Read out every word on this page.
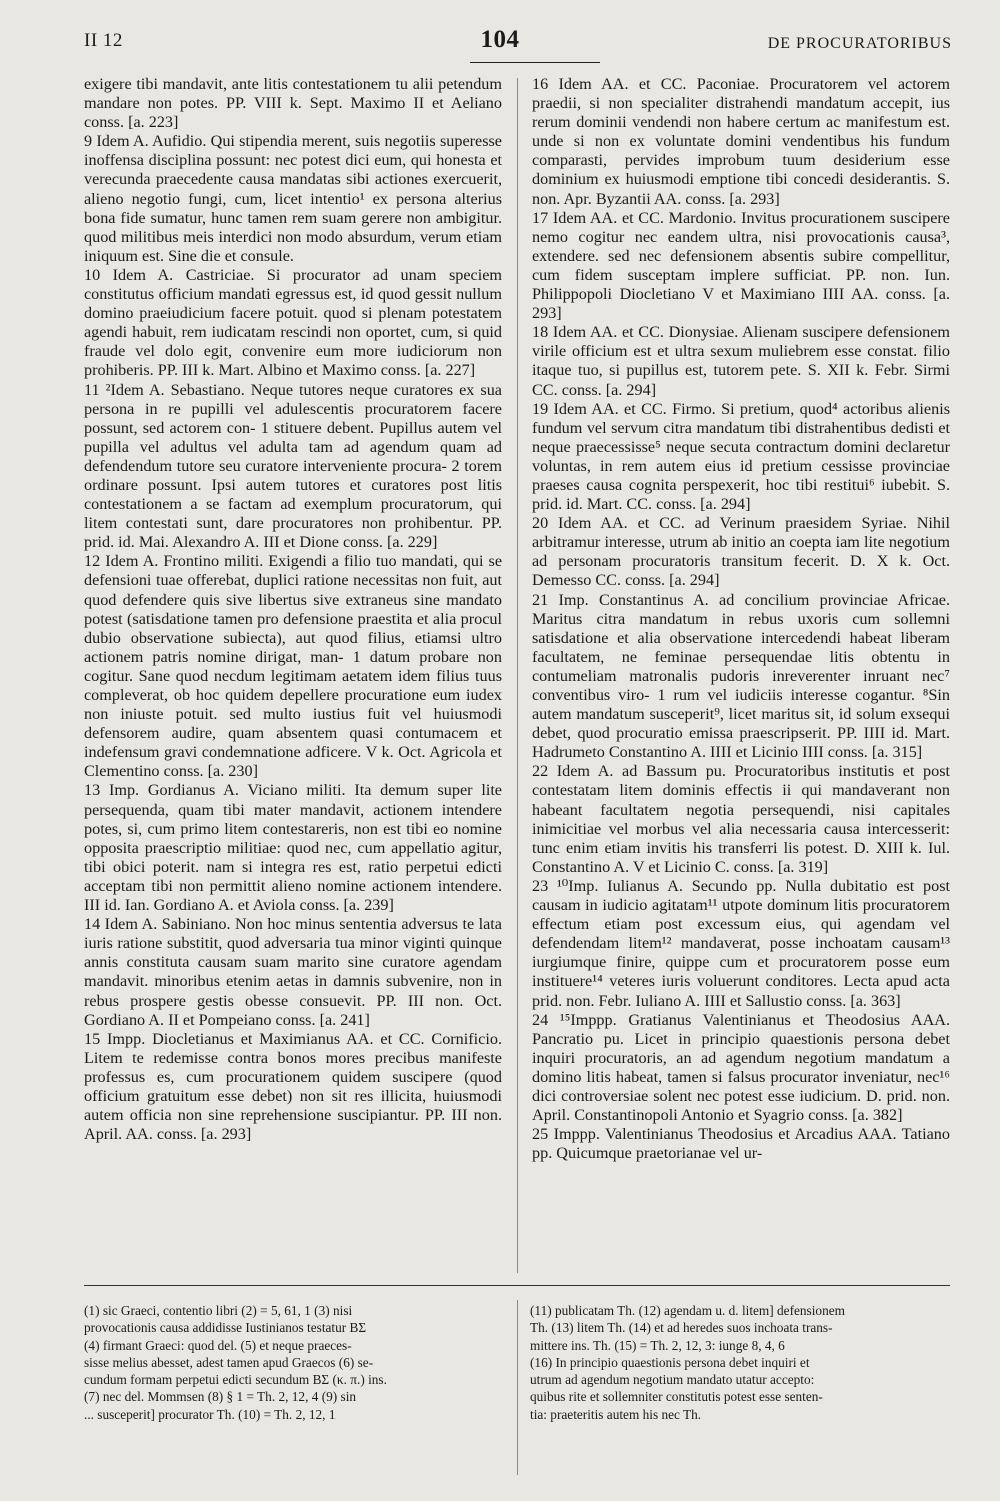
II 12	104	DE PROCURATORIBUS

exigere tibi mandavit, ante litis contestationem tu alii petendum mandare non potes. PP. VIII k. Sept. Maximo II et Aeliano conss. [a. 223]

9 Idem A. Aufidio. Qui stipendia merent, suis negotiis superesse inoffensa disciplina possunt: nec potest dici eum, qui honesta et verecunda praecedente causa mandatas sibi actiones exercuerit, alieno negotio fungi, cum, licet intentio¹ ex persona alterius bona fide sumatur, hunc tamen rem suam gerere non ambigitur. quod militibus meis interdici non modo absurdum, verum etiam iniquum est. Sine die et consule.

10 Idem A. Castriciae. Si procurator ad unam speciem constitutus officium mandati egressus est, id quod gessit nullum domino praeiudicium facere potuit. quod si plenam potestatem agendi habuit, rem iudicatam rescindi non oportet, cum, si quid fraude vel dolo egit, convenire eum more iudiciorum non prohiberis. PP. III k. Mart. Albino et Maximo conss. [a. 227]

11 ²Idem A. Sebastiano. Neque tutores neque curatores ex sua persona in re pupilli vel adulescentis procuratorem facere possunt, sed actorem con- 1 stituere debent. Pupillus autem vel pupilla vel adultus vel adulta tam ad agendum quam ad defendendum tutore seu curatore interveniente procura- 2 torem ordinare possunt. Ipsi autem tutores et curatores post litis contestationem a se factam ad exemplum procuratorum, qui litem contestati sunt, dare procuratores non prohibentur. PP. prid. id. Mai. Alexandro A. III et Dione conss. [a. 229]

12 Idem A. Frontino militi. Exigendi a filio tuo mandati, qui se defensioni tuae offerebat, duplici ratione necessitas non fuit, aut quod defendere quis sive libertus sive extraneus sine mandato potest (satisdatione tamen pro defensione praestita et alia procul dubio observatione subiecta), aut quod filius, etiamsi ultro actionem patris nomine dirigat, man- 1 datum probare non cogitur. Sane quod necdum legitimam aetatem idem filius tuus compleverat, ob hoc quidem depellere procuratione eum iudex non iniuste potuit. sed multo iustius fuit vel huiusmodi defensorem audire, quam absentem quasi contumacem et indefensum gravi condemnatione adficere. V k. Oct. Agricola et Clementino conss. [a. 230]

13 Imp. Gordianus A. Viciano militi. Ita demum super lite persequenda, quam tibi mater mandavit, actionem intendere potes, si, cum primo litem contestareris, non est tibi eo nomine opposita praescriptio militiae: quod nec, cum appellatio agitur, tibi obici poterit. nam si integra res est, ratio perpetui edicti acceptam tibi non permittit alieno nomine actionem intendere. III id. Ian. Gordiano A. et Aviola conss. [a. 239]

14 Idem A. Sabiniano. Non hoc minus sententia adversus te lata iuris ratione substitit, quod adversaria tua minor viginti quinque annis constituta causam suam marito sine curatore agendam mandavit. minoribus etenim aetas in damnis subvenire, non in rebus prospere gestis obesse consuevit. PP. III non. Oct. Gordiano A. II et Pompeiano conss. [a. 241]

15 Impp. Diocletianus et Maximianus AA. et CC. Cornificio. Litem te redemisse contra bonos mores precibus manifeste professus es, cum procurationem quidem suscipere (quod officium gratuitum esse debet) non sit res illicita, huiusmodi autem officia non sine reprehensione suscipiantur. PP. III non. April. AA. conss. [a. 293]

16 Idem AA. et CC. Paconiae. Procuratorem vel actorem praedii, si non specialiter distrahendi mandatum accepit, ius rerum dominii vendendi non habere certum ac manifestum est. unde si non ex voluntate domini vendentibus his fundum comparasti, pervides improbum tuum desiderium esse dominium ex huiusmodi emptione tibi concedi desiderantis. S. non. Apr. Byzantii AA. conss. [a. 293]

17 Idem AA. et CC. Mardonio. Invitus procurationem suscipere nemo cogitur nec eandem ultra, nisi provocationis causa³, extendere. sed nec defensionem absentis subire compellitur, cum fidem susceptam implere sufficiat. PP. non. Iun. Philippopoli Diocletiano V et Maximiano IIII AA. conss. [a. 293]

18 Idem AA. et CC. Dionysiae. Alienam suscipere defensionem virile officium est et ultra sexum muliebrem esse constat. filio itaque tuo, si pupillus est, tutorem pete. S. XII k. Febr. Sirmi CC. conss. [a. 294]

19 Idem AA. et CC. Firmo. Si pretium, quod⁴ actoribus alienis fundum vel servum citra mandatum tibi distrahentibus dedisti et neque praecessisse⁵ neque secuta contractum domini declaretur voluntas, in rem autem eius id pretium cessisse provinciae praeses causa cognita perspexerit, hoc tibi restitui⁶ iubebit. S. prid. id. Mart. CC. conss. [a. 294]

20 Idem AA. et CC. ad Verinum praesidem Syriae. Nihil arbitramur interesse, utrum ab initio an coepta iam lite negotium ad personam procuratoris transitum fecerit. D. X k. Oct. Demesso CC. conss. [a. 294]

21 Imp. Constantinus A. ad concilium provinciae Africae. Maritus citra mandatum in rebus uxoris cum sollemni satisdatione et alia observatione intercedendi habeat liberam facultatem, ne feminae persequendae litis obtentu in contumeliam matronalis pudoris inreverenter inruant nec⁷ conventibus viro- 1 rum vel iudiciis interesse cogantur. ⁸Sin autem mandatum susceperit⁹, licet maritus sit, id solum exsequi debet, quod procuratio emissa praescripserit. PP. IIII id. Mart. Hadrumeto Constantino A. IIII et Licinio IIII conss. [a. 315]

22 Idem A. ad Bassum pu. Procuratoribus institutis et post contestatam litem dominis effectis ii qui mandaverant non habeant facultatem negotia persequendi, nisi capitales inimicitiae vel morbus vel alia necessaria causa intercesserit: tunc enim etiam invitis his transferri lis potest. D. XIII k. Iul. Constantino A. V et Licinio C. conss. [a. 319]

23 ¹⁰Imp. Iulianus A. Secundo pp. Nulla dubitatio est post causam in iudicio agitatam¹¹ utpote dominum litis procuratorem effectum etiam post excessum eius, qui agendam vel defendendam litem¹² mandaverat, posse inchoatam causam¹³ iurgiumque finire, quippe cum et procuratorem posse eum instituere¹⁴ veteres iuris voluerunt conditores. Lecta apud acta prid. non. Febr. Iuliano A. IIII et Sallustio conss. [a. 363]

24 ¹⁵Imppp. Gratianus Valentinianus et Theodosius AAA. Pancratio pu. Licet in principio quaestionis persona debet inquiri procuratoris, an ad agendum negotium mandatum a domino litis habeat, tamen si falsus procurator inveniatur, nec¹⁶ dici controversiae solent nec potest esse iudicium. D. prid. non. April. Constantinopoli Antonio et Syagrio conss. [a. 382]

25 Imppp. Valentinianus Theodosius et Arcadius AAA. Tatiano pp. Quicumque praetorianae vel ur-

(1) sic Graeci, contentio libri (2) = 5, 61, 1 (3) nisi

provocationis causa addidisse Iustinianos testatur BΣ

(4) firmant Graeci: quod del. (5) et neque praeces-

sisse melius abesset, adest tamen apud Graecos (6) se-

cundum formam perpetui edicti secundum BΣ (κ. π.) ins.

(7) nec del. Mommsen (8) § 1 = Th. 2, 12, 4 (9) sin

... susceperit] procurator Th. (10) = Th. 2, 12, 1

(11) publicatam Th. (12) agendam u. d. litem] defensionem

Th. (13) litem Th. (14) et ad heredes suos inchoata trans-

mittere ins. Th. (15) = Th. 2, 12, 3: iunge 8, 4, 6

(16) In principio quaestionis persona debet inquiri et

utrum ad agendum negotium mandato utatur accepto:

quibus rite et sollemniter constitutis potest esse senten-

tia: praeteritis autem his nec Th.
